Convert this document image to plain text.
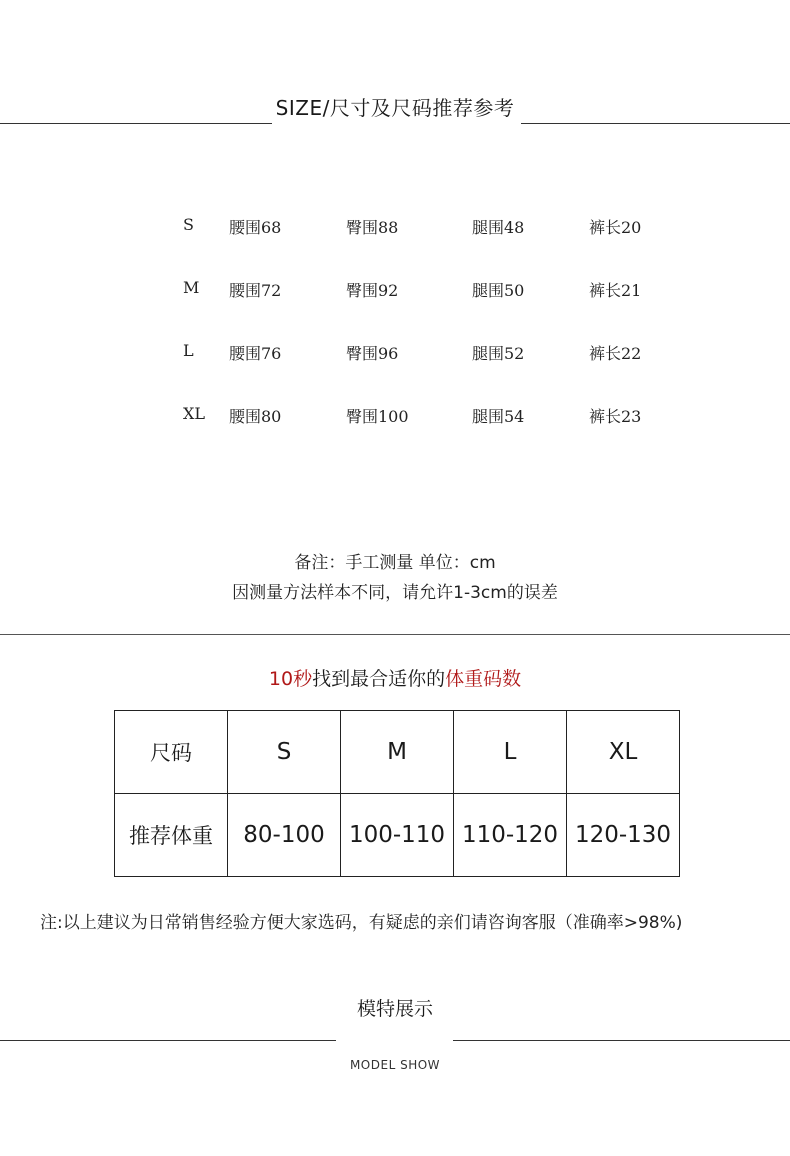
SIZE/尺寸及尺码推荐参考
S 腰围68	臀围88	腿围48	裤长20
M 腰围72	臀围92	腿围50	裤长21
L 腰围76	臀围96	腿围52	裤长22
XL 腰围80	臀围100	腿围54	裤长23
备注：手工测量 单位：cm
因测量方法样本不同，请允许1-3cm的误差
10秒找到最合适你的体重码数
尺码	S	M	L	XL
推荐体重	80-100	100-110	110-120	120-130
注:以上建议为日常销售经验方便大家选码，有疑虑的亲们请咨询客服（准确率>98%)
模特展示
MODEL SHOW
